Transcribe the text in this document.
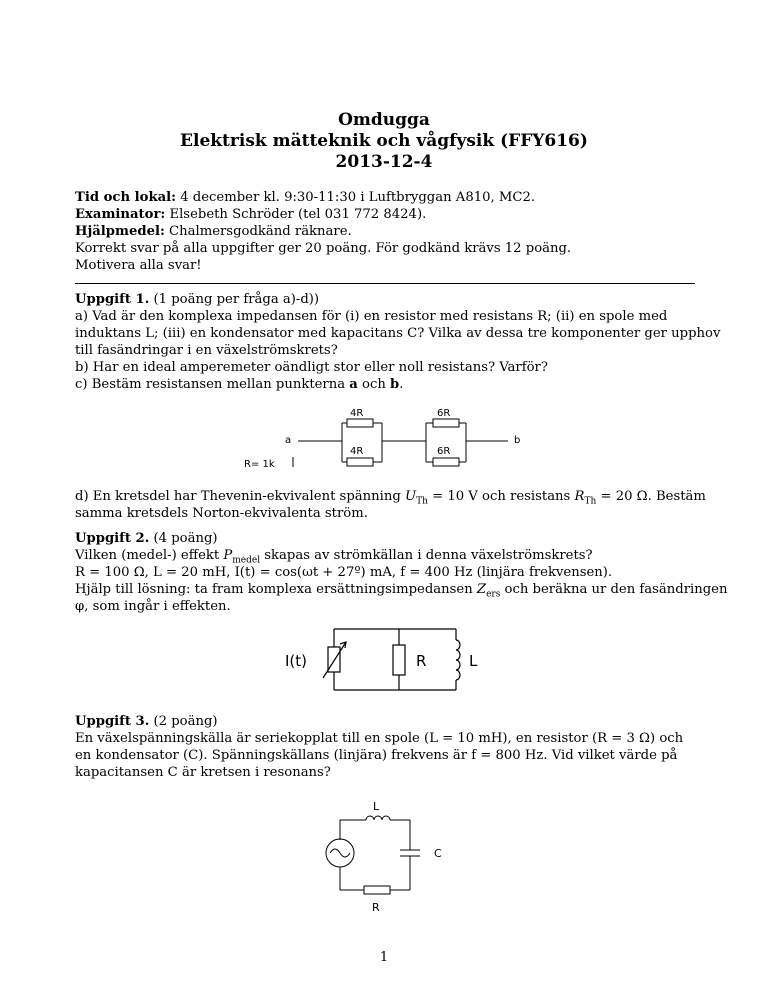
Omdugga
Elektrisk mätteknik och vågfysik (FFY616)
2013-12-4
Tid och lokal: 4 december kl. 9:30-11:30 i Luftbryggan A810, MC2.
Examinator: Elsebeth Schröder (tel 031 772 8424).
Hjälpmedel: Chalmersgodkänd räknare.
Korrekt svar på alla uppgifter ger 20 poäng. För godkänd krävs 12 poäng.
Motivera alla svar!
Uppgift 1. (1 poäng per fråga a)-d))
a) Vad är den komplexa impedansen för (i) en resistor med resistans R; (ii) en spole med
induktans L; (iii) en kondensator med kapacitans C? Vilka av dessa tre komponenter ger upphov
till fasändringar i en växelströmskrets?
b) Har en ideal amperemeter oändligt stor eller noll resistans? Varför?
c) Bestäm resistansen mellan punkterna a och b.
4R	6R
4R	6R
a	b
R= 1k
d) En kretsdel har Thevenin-ekvivalent spänning $U_{Th} = 10$ V och resistans $R_{Th} = 20$ Ω. Bestäm
samma kretsdels Norton-ekvivalenta ström.
Uppgift 2. (4 poäng)
Vilken (medel-) effekt $P_{medel}$ skapas av strömkällan i denna växelströmskrets?
R = 100 Ω, L = 20 mH, I(t) = cos(ωt + 27º) mA, f = 400 Hz (linjära frekvensen).
Hjälp till lösning: ta fram komplexa ersättningsimpedansen $Z_{ers}$ och beräkna ur den fasändringen
φ, som ingår i effekten.
I(t)	R	L
Uppgift 3. (2 poäng)
En växelspänningskälla är seriekopplat till en spole (L = 10 mH), en resistor (R = 3 Ω) och
en kondensator (C). Spänningskällans (linjära) frekvens är f = 800 Hz. Vid vilket värde på
kapacitansen C är kretsen i resonans?
L
C
R
1
